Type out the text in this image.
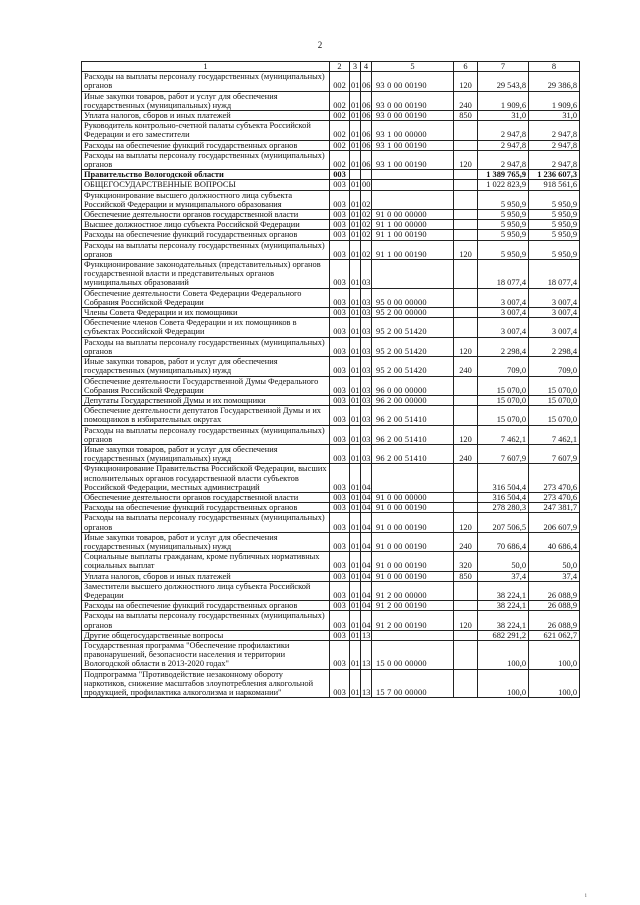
2
1	2	3	4	5	6	7	8
Расходы на выплаты персоналу государственных (муниципальных) органов	002	01	06	93 0 00 00190	120	29 543,8	29 386,8
Иные закупки товаров, работ и услуг для обеспечения государственных (муниципальных) нужд	002	01	06	93 0 00 00190	240	1 909,6	1 909,6
Уплата налогов, сборов и иных платежей	002	01	06	93 0 00 00190	850	31,0	31,0
Руководитель контрольно-счетной палаты субъекта Российской Федерации и его заместители	002	01	06	93 1 00 00000		2 947,8	2 947,8
Расходы на обеспечение функций государственных органов	002	01	06	93 1 00 00190		2 947,8	2 947,8
Расходы на выплаты персоналу государственных (муниципальных) органов	002	01	06	93 1 00 00190	120	2 947,8	2 947,8
Правительство Вологодской области	003					1 389 765,9	1 236 607,3
ОБЩЕГОСУДАРСТВЕННЫЕ ВОПРОСЫ	003	01	00			1 022 823,9	918 561,6
Функционирование высшего должностного лица субъекта Российской Федерации и муниципального образования	003	01	02			5 950,9	5 950,9
Обеспечение деятельности органов государственной власти	003	01	02	91 0 00 00000		5 950,9	5 950,9
Высшее должностное лицо субъекта Российской Федерации	003	01	02	91 1 00 00000		5 950,9	5 950,9
Расходы на обеспечение функций государственных органов	003	01	02	91 1 00 00190		5 950,9	5 950,9
Расходы на выплаты персоналу государственных (муниципальных) органов	003	01	02	91 1 00 00190	120	5 950,9	5 950,9
Функционирование законодательных (представительных) органов государственной власти и представительных органов муниципальных образований	003	01	03			18 077,4	18 077,4
Обеспечение деятельности Совета Федерации Федерального Собрания Российской Федерации	003	01	03	95 0 00 00000		3 007,4	3 007,4
Члены Совета Федерации и их помощники	003	01	03	95 2 00 00000		3 007,4	3 007,4
Обеспечение членов Совета Федерации и их помощников в субъектах Российской Федерации	003	01	03	95 2 00 51420		3 007,4	3 007,4
Расходы на выплаты персоналу государственных (муниципальных) органов	003	01	03	95 2 00 51420	120	2 298,4	2 298,4
Иные закупки товаров, работ и услуг для обеспечения государственных (муниципальных) нужд	003	01	03	95 2 00 51420	240	709,0	709,0
Обеспечение деятельности Государственной Думы Федерального Собрания Российской Федерации	003	01	03	96 0 00 00000		15 070,0	15 070,0
Депутаты Государственной Думы и их помощники	003	01	03	96 2 00 00000		15 070,0	15 070,0
Обеспечение деятельности депутатов Государственной Думы и их помощников в избирательных округах	003	01	03	96 2 00 51410		15 070,0	15 070,0
Расходы на выплаты персоналу государственных (муниципальных) органов	003	01	03	96 2 00 51410	120	7 462,1	7 462,1
Иные закупки товаров, работ и услуг для обеспечения государственных (муниципальных) нужд	003	01	03	96 2 00 51410	240	7 607,9	7 607,9
Функционирование Правительства Российской Федерации, высших исполнительных органов государственной власти субъектов Российской Федерации, местных администраций	003	01	04			316 504,4	273 470,6
Обеспечение деятельности органов государственной власти	003	01	04	91 0 00 00000		316 504,4	273 470,6
Расходы на обеспечение функций государственных органов	003	01	04	91 0 00 00190		278 280,3	247 381,7
Расходы на выплаты персоналу государственных (муниципальных) органов	003	01	04	91 0 00 00190	120	207 506,5	206 607,9
Иные закупки товаров, работ и услуг для обеспечения государственных (муниципальных) нужд	003	01	04	91 0 00 00190	240	70 686,4	40 686,4
Социальные выплаты гражданам, кроме публичных нормативных социальных выплат	003	01	04	91 0 00 00190	320	50,0	50,0
Уплата налогов, сборов и иных платежей	003	01	04	91 0 00 00190	850	37,4	37,4
Заместители высшего должностного лица субъекта Российской Федерации	003	01	04	91 2 00 00000		38 224,1	26 088,9
Расходы на обеспечение функций государственных органов	003	01	04	91 2 00 00190		38 224,1	26 088,9
Расходы на выплаты персоналу государственных (муниципальных) органов	003	01	04	91 2 00 00190	120	38 224,1	26 088,9
Другие общегосударственные вопросы	003	01	13			682 291,2	621 062,7
Государственная программа "Обеспечение профилактики правонарушений, безопасности населения и территории Вологодской области в 2013-2020 годах"	003	01	13	15 0 00 00000		100,0	100,0
Подпрограмма "Противодействие незаконному обороту наркотиков, снижение масштабов злоупотребления алкогольной продукцией, профилактика алкоголизма и наркомании"	003	01	13	15 7 00 00000		100,0	100,0
i
